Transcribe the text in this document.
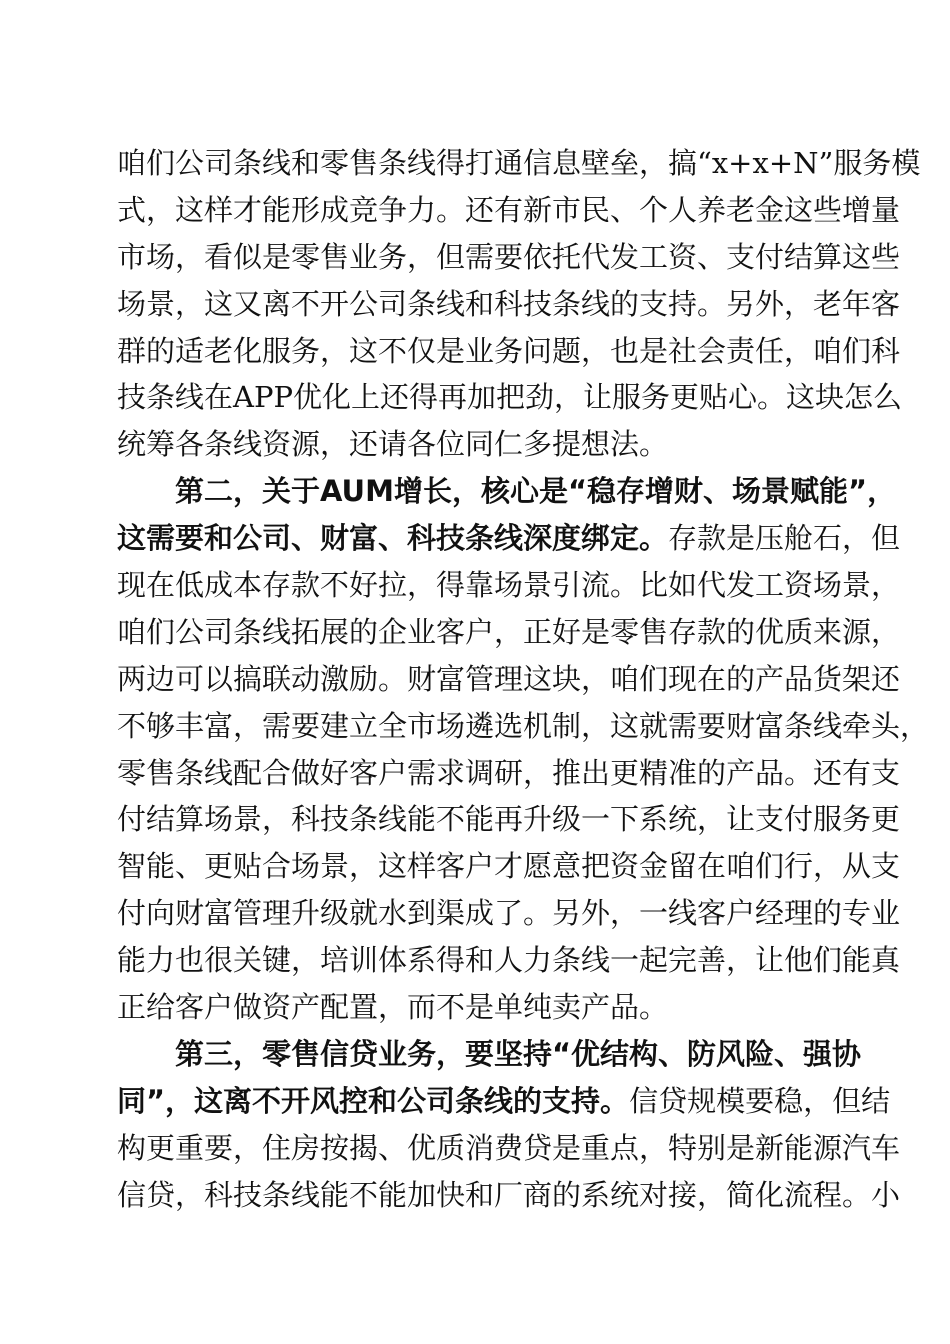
咱们公司条线和零售条线得打通信息壁垒，搞“x+x+N”服务模
式，这样才能形成竞争力。还有新市民、个人养老金这些增量
市场，看似是零售业务，但需要依托代发工资、支付结算这些
场景，这又离不开公司条线和科技条线的支持。另外，老年客
群的适老化服务，这不仅是业务问题，也是社会责任，咱们科
技条线在APP优化上还得再加把劲，让服务更贴心。这块怎么
统筹各条线资源，还请各位同仁多提想法。
第二，关于AUM增长，核心是“稳存增财、场景赋能”，
这需要和公司、财富、科技条线深度绑定。存款是压舱石，但
现在低成本存款不好拉，得靠场景引流。比如代发工资场景，
咱们公司条线拓展的企业客户，正好是零售存款的优质来源，
两边可以搞联动激励。财富管理这块，咱们现在的产品货架还
不够丰富，需要建立全市场遴选机制，这就需要财富条线牵头，
零售条线配合做好客户需求调研，推出更精准的产品。还有支
付结算场景，科技条线能不能再升级一下系统，让支付服务更
智能、更贴合场景，这样客户才愿意把资金留在咱们行，从支
付向财富管理升级就水到渠成了。另外，一线客户经理的专业
能力也很关键，培训体系得和人力条线一起完善，让他们能真
正给客户做资产配置，而不是单纯卖产品。
第三，零售信贷业务，要坚持“优结构、防风险、强协
同”，这离不开风控和公司条线的支持。信贷规模要稳，但结
构更重要，住房按揭、优质消费贷是重点，特别是新能源汽车
信贷，科技条线能不能加快和厂商的系统对接，简化流程。小
